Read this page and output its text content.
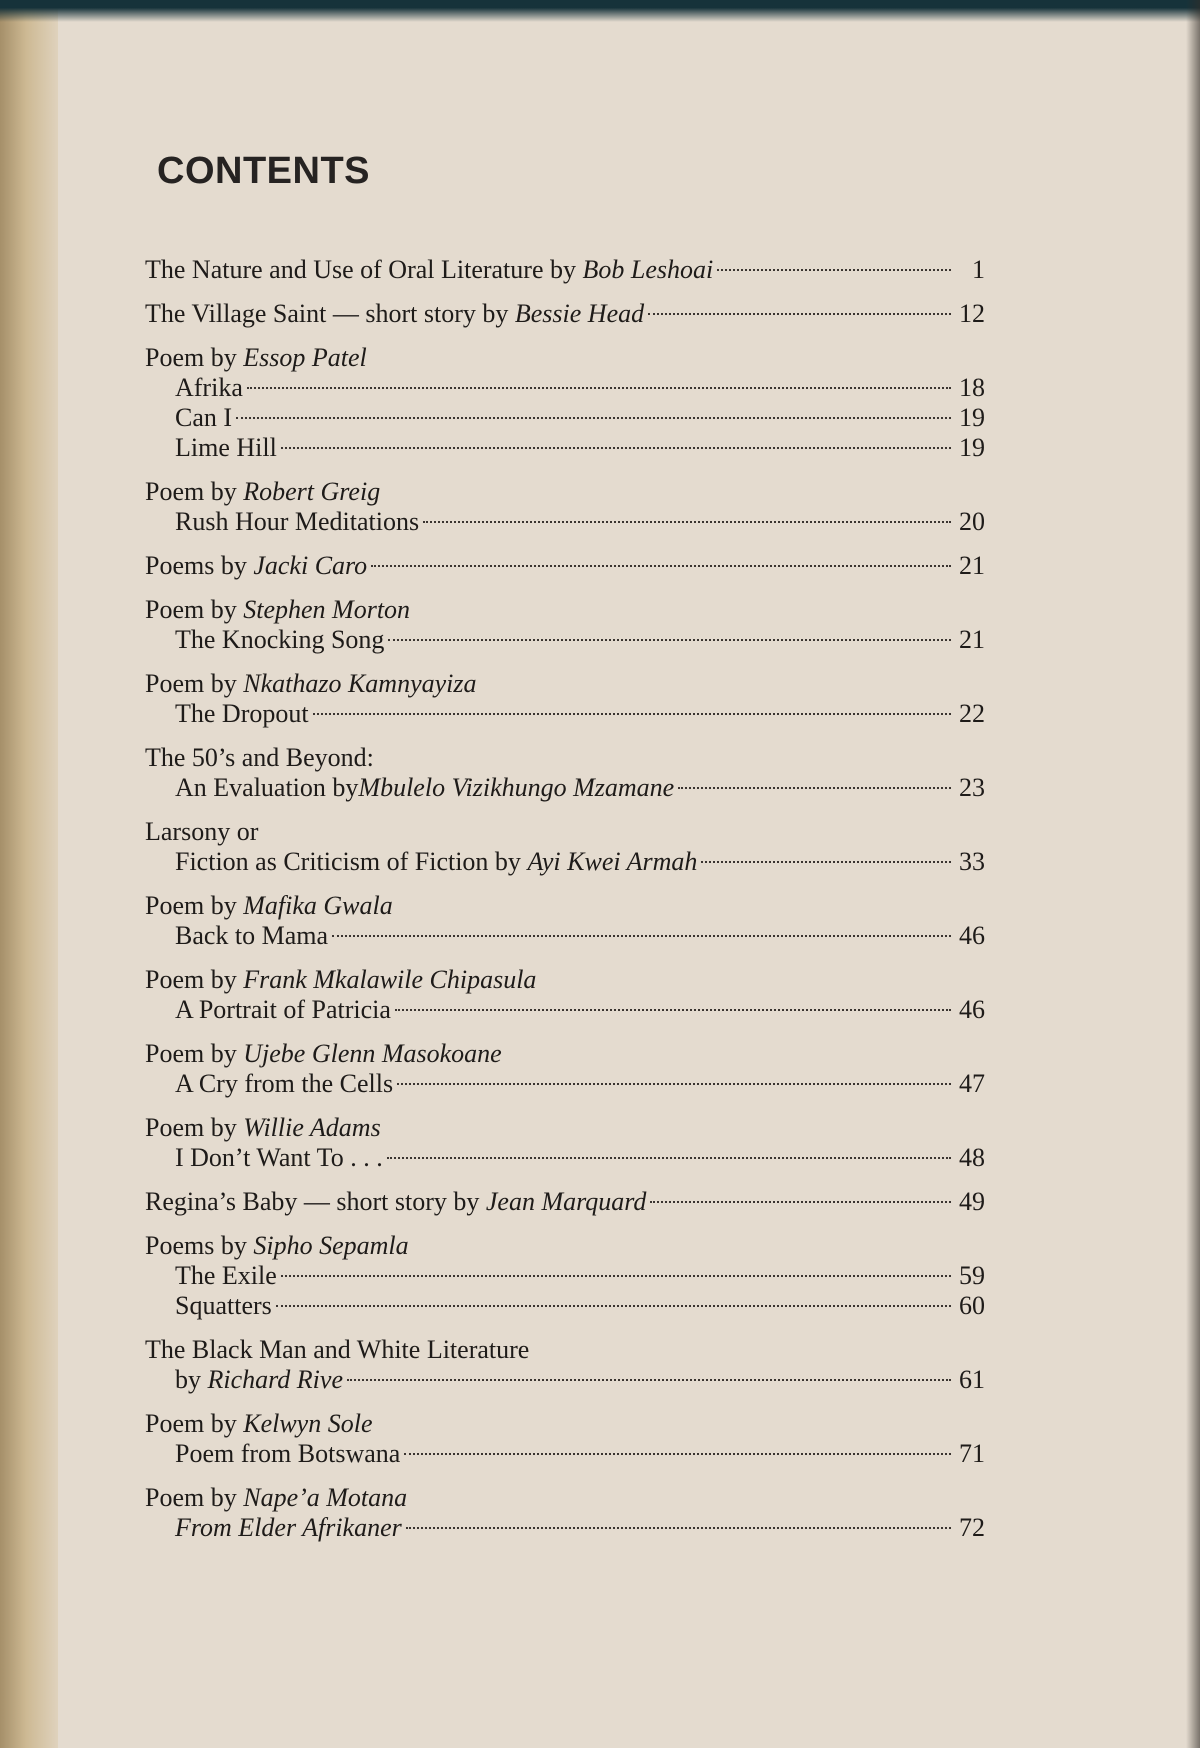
CONTENTS
The Nature and Use of Oral Literature by Bob Leshoai	1
The Village Saint — short story by Bessie Head	12
Poem by Essop Patel
Afrika	18
Can I	19
Lime Hill	19
Poem by Robert Greig
Rush Hour Meditations	20
Poems by Jacki Caro	21
Poem by Stephen Morton
The Knocking Song	21
Poem by Nkathazo Kamnyayiza
The Dropout	22
The 50’s and Beyond:
An Evaluation byMbulelo Vizikhungo Mzamane	23
Larsony or
Fiction as Criticism of Fiction by Ayi Kwei Armah	33
Poem by Mafika Gwala
Back to Mama	46
Poem by Frank Mkalawile Chipasula
A Portrait of Patricia	46
Poem by Ujebe Glenn Masokoane
A Cry from the Cells	47
Poem by Willie Adams
I Don’t Want To . . .	48
Regina’s Baby — short story by Jean Marquard	49
Poems by Sipho Sepamla
The Exile	59
Squatters	60
The Black Man and White Literature
by Richard Rive	61
Poem by Kelwyn Sole
Poem from Botswana	71
Poem by Nape’a Motana
From Elder Afrikaner	72
